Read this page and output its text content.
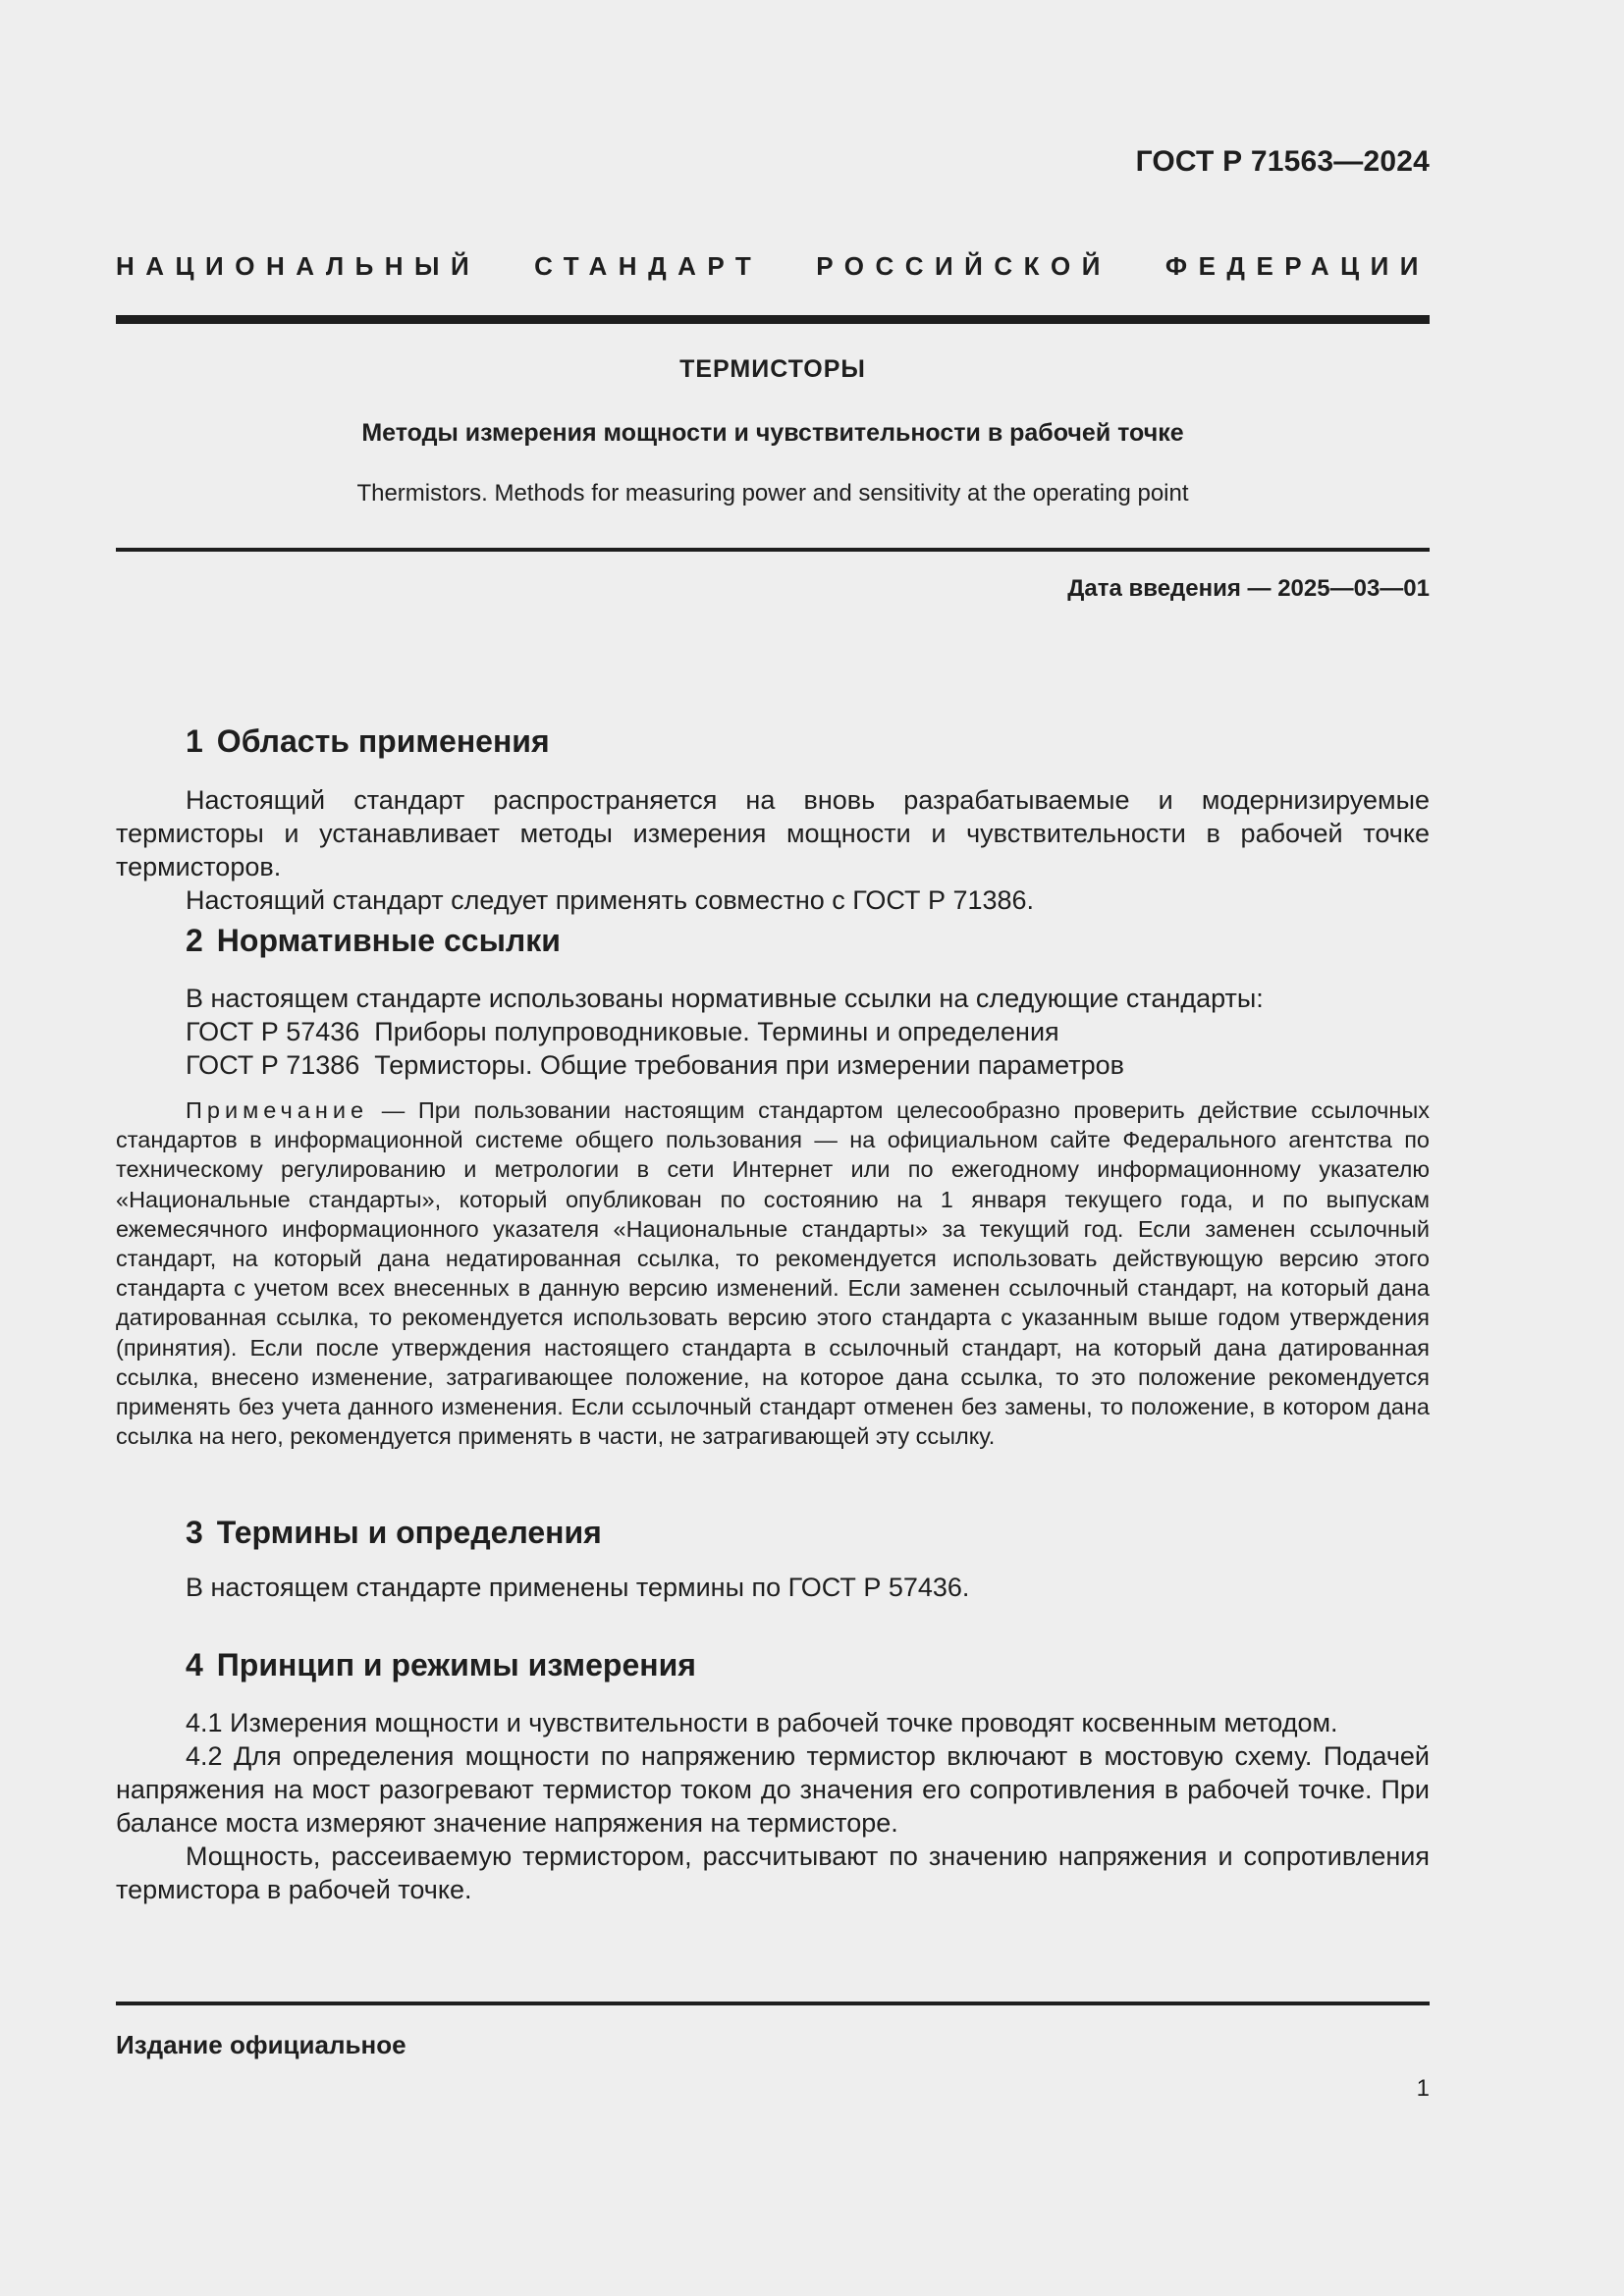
ГОСТ Р 71563—2024
НАЦИОНАЛЬНЫЙ СТАНДАРТ РОССИЙСКОЙ ФЕДЕРАЦИИ
ТЕРМИСТОРЫ
Методы измерения мощности и чувствительности в рабочей точке
Thermistors. Methods for measuring power and sensitivity at the operating point
Дата введения — 2025—03—01
1 Область применения

Настоящий стандарт распространяется на вновь разрабатываемые и модернизируемые термисторы и устанавливает методы измерения мощности и чувствительности в рабочей точке термисторов.

Настоящий стандарт следует применять совместно с ГОСТ Р 71386.

2 Нормативные ссылки

В настоящем стандарте использованы нормативные ссылки на следующие стандарты:

ГОСТ Р 57436  Приборы полупроводниковые. Термины и определения
ГОСТ Р 71386  Термисторы. Общие требования при измерении параметров

Примечание — При пользовании настоящим стандартом целесообразно проверить действие ссылочных стандартов в информационной системе общего пользования — на официальном сайте Федерального агентства по техническому регулированию и метрологии в сети Интернет или по ежегодному информационному указателю «Национальные стандарты», который опубликован по состоянию на 1 января текущего года, и по выпускам ежемесячного информационного указателя «Национальные стандарты» за текущий год. Если заменен ссылочный стандарт, на который дана недатированная ссылка, то рекомендуется использовать действующую версию этого стандарта с учетом всех внесенных в данную версию изменений. Если заменен ссылочный стандарт, на который дана датированная ссылка, то рекомендуется использовать версию этого стандарта с указанным выше годом утверждения (принятия). Если после утверждения настоящего стандарта в ссылочный стандарт, на который дана датированная ссылка, внесено изменение, затрагивающее положение, на которое дана ссылка, то это положение рекомендуется применять без учета данного изменения. Если ссылочный стандарт отменен без замены, то положение, в котором дана ссылка на него, рекомендуется применять в части, не затрагивающей эту ссылку.

3 Термины и определения

В настоящем стандарте применены термины по ГОСТ Р 57436.

4 Принцип и режимы измерения

4.1 Измерения мощности и чувствительности в рабочей точке проводят косвенным методом.

4.2 Для определения мощности по напряжению термистор включают в мостовую схему. Подачей напряжения на мост разогревают термистор током до значения его сопротивления в рабочей точке. При балансе моста измеряют значение напряжения на термисторе.

Мощность, рассеиваемую термистором, рассчитывают по значению напряжения и сопротивления термистора в рабочей точке.

Издание официальное
1
